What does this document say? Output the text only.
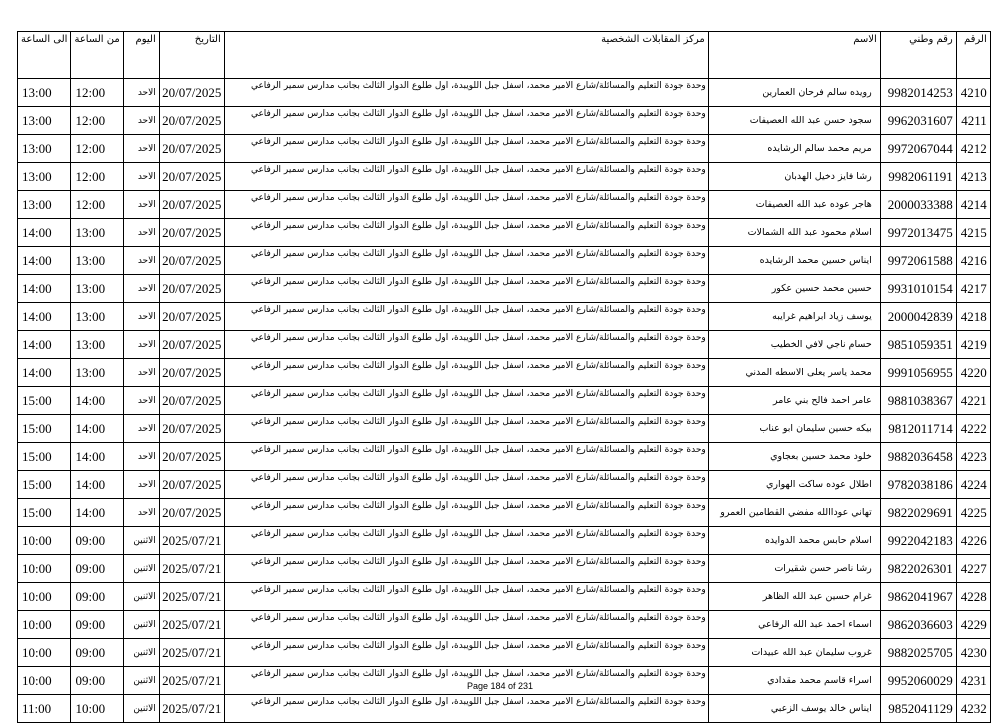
الرقم	رقم وطني	الاسم	مركز المقابلات الشخصية	التاريخ	اليوم	من الساعة	الى الساعة
4210	9982014253	رويده سالم فرحان العمارين	وحدة جودة التعليم والمسائلة/شارع الامير محمد، اسفل جبل اللويبدة، اول طلوع الدوار الثالث بجانب مدارس سمير الرفاعي	20/07/2025	الاحد	12:00	13:00
4211	9962031607	سجود حسن عبد الله العصيفات	وحدة جودة التعليم والمسائلة/شارع الامير محمد، اسفل جبل اللويبدة، اول طلوع الدوار الثالث بجانب مدارس سمير الرفاعي	20/07/2025	الاحد	12:00	13:00
4212	9972067044	مريم محمد سالم الرشايده	وحدة جودة التعليم والمسائلة/شارع الامير محمد، اسفل جبل اللويبدة، اول طلوع الدوار الثالث بجانب مدارس سمير الرفاعي	20/07/2025	الاحد	12:00	13:00
4213	9982061191	رشا فايز دخيل الهدبان	وحدة جودة التعليم والمسائلة/شارع الامير محمد، اسفل جبل اللويبدة، اول طلوع الدوار الثالث بجانب مدارس سمير الرفاعي	20/07/2025	الاحد	12:00	13:00
4214	2000033388	هاجر عوده عبد الله العصيفات	وحدة جودة التعليم والمسائلة/شارع الامير محمد، اسفل جبل اللويبدة، اول طلوع الدوار الثالث بجانب مدارس سمير الرفاعي	20/07/2025	الاحد	12:00	13:00
4215	9972013475	اسلام محمود عبد الله الشمالات	وحدة جودة التعليم والمسائلة/شارع الامير محمد، اسفل جبل اللويبدة، اول طلوع الدوار الثالث بجانب مدارس سمير الرفاعي	20/07/2025	الاحد	13:00	14:00
4216	9972061588	ايناس حسين محمد الرشايده	وحدة جودة التعليم والمسائلة/شارع الامير محمد، اسفل جبل اللويبدة، اول طلوع الدوار الثالث بجانب مدارس سمير الرفاعي	20/07/2025	الاحد	13:00	14:00
4217	9931010154	حسين محمد حسين عكور	وحدة جودة التعليم والمسائلة/شارع الامير محمد، اسفل جبل اللويبدة، اول طلوع الدوار الثالث بجانب مدارس سمير الرفاعي	20/07/2025	الاحد	13:00	14:00
4218	2000042839	يوسف زياد ابراهيم غرايبه	وحدة جودة التعليم والمسائلة/شارع الامير محمد، اسفل جبل اللويبدة، اول طلوع الدوار الثالث بجانب مدارس سمير الرفاعي	20/07/2025	الاحد	13:00	14:00
4219	9851059351	حسام ناجي لافي الخطيب	وحدة جودة التعليم والمسائلة/شارع الامير محمد، اسفل جبل اللويبدة، اول طلوع الدوار الثالث بجانب مدارس سمير الرفاعي	20/07/2025	الاحد	13:00	14:00
4220	9991056955	محمد ياسر يعلى الاسطه المدني	وحدة جودة التعليم والمسائلة/شارع الامير محمد، اسفل جبل اللويبدة، اول طلوع الدوار الثالث بجانب مدارس سمير الرفاعي	20/07/2025	الاحد	13:00	14:00
4221	9881038367	عامر احمد فالح بني عامر	وحدة جودة التعليم والمسائلة/شارع الامير محمد، اسفل جبل اللويبدة، اول طلوع الدوار الثالث بجانب مدارس سمير الرفاعي	20/07/2025	الاحد	14:00	15:00
4222	9812011714	بيكه حسين سليمان ابو عناب	وحدة جودة التعليم والمسائلة/شارع الامير محمد، اسفل جبل اللويبدة، اول طلوع الدوار الثالث بجانب مدارس سمير الرفاعي	20/07/2025	الاحد	14:00	15:00
4223	9882036458	خلود محمد حسين بعجاوي	وحدة جودة التعليم والمسائلة/شارع الامير محمد، اسفل جبل اللويبدة، اول طلوع الدوار الثالث بجانب مدارس سمير الرفاعي	20/07/2025	الاحد	14:00	15:00
4224	9782038186	اطلال عوده ساكت الهواري	وحدة جودة التعليم والمسائلة/شارع الامير محمد، اسفل جبل اللويبدة، اول طلوع الدوار الثالث بجانب مدارس سمير الرفاعي	20/07/2025	الاحد	14:00	15:00
4225	9822029691	تهاني عوداالله مفضي القطامين العمرو	وحدة جودة التعليم والمسائلة/شارع الامير محمد، اسفل جبل اللويبدة، اول طلوع الدوار الثالث بجانب مدارس سمير الرفاعي	20/07/2025	الاحد	14:00	15:00
4226	9922042183	اسلام حابس محمد الدوايده	وحدة جودة التعليم والمسائلة/شارع الامير محمد، اسفل جبل اللويبدة، اول طلوع الدوار الثالث بجانب مدارس سمير الرفاعي	2025/07/21	الاثنين	09:00	10:00
4227	9822026301	رشا ناصر حسن شقيرات	وحدة جودة التعليم والمسائلة/شارع الامير محمد، اسفل جبل اللويبدة، اول طلوع الدوار الثالث بجانب مدارس سمير الرفاعي	2025/07/21	الاثنين	09:00	10:00
4228	9862041967	غرام حسين عبد الله الظاهر	وحدة جودة التعليم والمسائلة/شارع الامير محمد، اسفل جبل اللويبدة، اول طلوع الدوار الثالث بجانب مدارس سمير الرفاعي	2025/07/21	الاثنين	09:00	10:00
4229	9862036603	اسماء احمد عبد الله الرفاعي	وحدة جودة التعليم والمسائلة/شارع الامير محمد، اسفل جبل اللويبدة، اول طلوع الدوار الثالث بجانب مدارس سمير الرفاعي	2025/07/21	الاثنين	09:00	10:00
4230	9882025705	غروب سليمان عبد الله عبيدات	وحدة جودة التعليم والمسائلة/شارع الامير محمد، اسفل جبل اللويبدة، اول طلوع الدوار الثالث بجانب مدارس سمير الرفاعي	2025/07/21	الاثنين	09:00	10:00
4231	9952060029	اسراء قاسم محمد مقدادي	وحدة جودة التعليم والمسائلة/شارع الامير محمد، اسفل جبل اللويبدة، اول طلوع الدوار الثالث بجانب مدارس سمير الرفاعي	2025/07/21	الاثنين	09:00	10:00
4232	9852041129	ايناس خالد يوسف الزعبي	وحدة جودة التعليم والمسائلة/شارع الامير محمد، اسفل جبل اللويبدة، اول طلوع الدوار الثالث بجانب مدارس سمير الرفاعي	2025/07/21	الاثنين	10:00	11:00
Page 184 of 231
